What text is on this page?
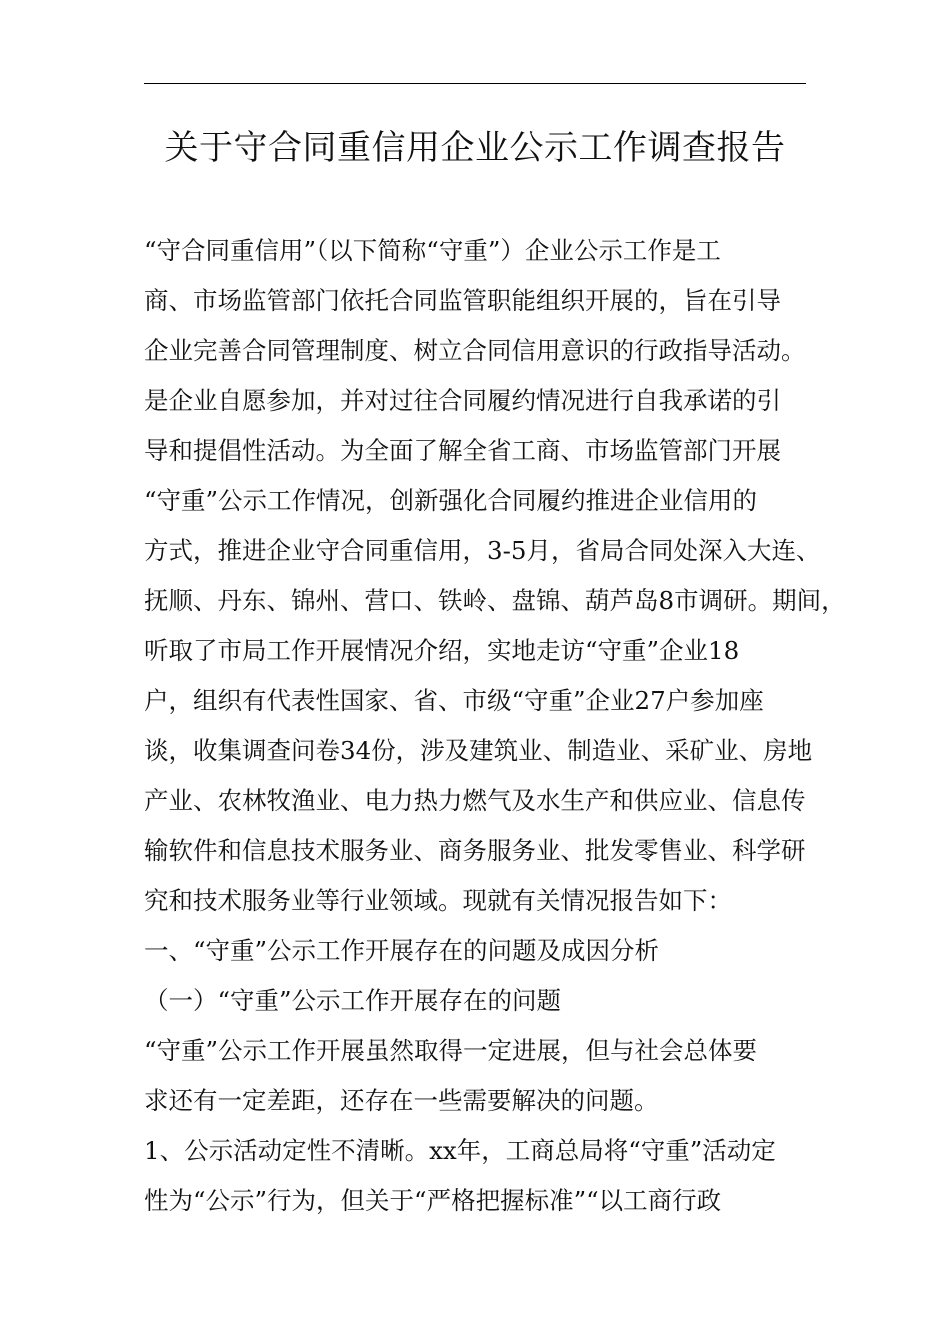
关于守合同重信用企业公示工作调查报告

“守合同重信用”（以下简称“守重”）企业公示工作是工
商、市场监管部门依托合同监管职能组织开展的，旨在引导
企业完善合同管理制度、树立合同信用意识的行政指导活动。
是企业自愿参加，并对过往合同履约情况进行自我承诺的引
导和提倡性活动。为全面了解全省工商、市场监管部门开展
“守重”公示工作情况，创新强化合同履约推进企业信用的
方式，推进企业守合同重信用，3-5月，省局合同处深入大连、
抚顺、丹东、锦州、营口、铁岭、盘锦、葫芦岛8市调研。期间，
听取了市局工作开展情况介绍，实地走访“守重”企业18
户，组织有代表性国家、省、市级“守重”企业27户参加座
谈，收集调查问卷34份，涉及建筑业、制造业、采矿业、房地
产业、农林牧渔业、电力热力燃气及水生产和供应业、信息传
输软件和信息技术服务业、商务服务业、批发零售业、科学研
究和技术服务业等行业领域。现就有关情况报告如下：
一、“守重”公示工作开展存在的问题及成因分析
（一）“守重”公示工作开展存在的问题
“守重”公示工作开展虽然取得一定进展，但与社会总体要
求还有一定差距，还存在一些需要解决的问题。
1、公示活动定性不清晰。xx年，工商总局将“守重”活动定
性为“公示”行为，但关于“严格把握标准”“以工商行政
